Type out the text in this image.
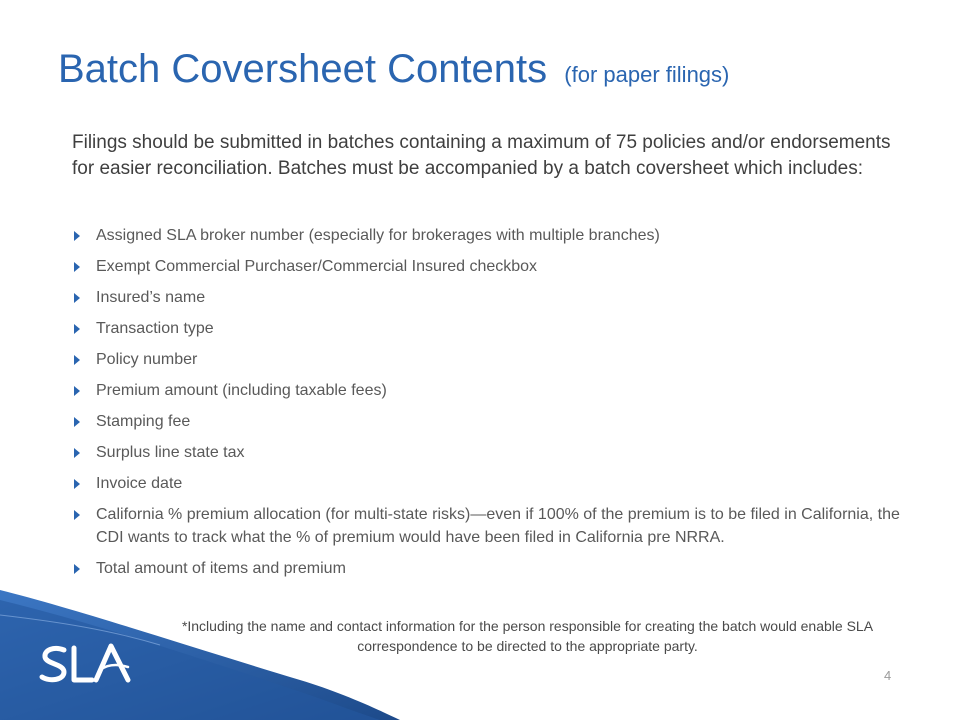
Batch Coversheet Contents (for paper filings)
Filings should be submitted in batches containing a maximum of 75 policies and/or endorsements for easier reconciliation. Batches must be accompanied by a batch coversheet which includes:
Assigned SLA broker number (especially for brokerages with multiple branches)
Exempt Commercial Purchaser/Commercial Insured checkbox
Insured’s name
Transaction type
Policy number
Premium amount (including taxable fees)
Stamping fee
Surplus line state tax
Invoice date
California % premium allocation (for multi-state risks)—even if 100% of the premium is to be filed in California, the CDI wants to track what the % of premium would have been filed in California pre NRRA.
Total amount of items and premium
*Including the name and contact information for the person responsible for creating the batch would enable SLA correspondence to be directed to the appropriate party.
4
